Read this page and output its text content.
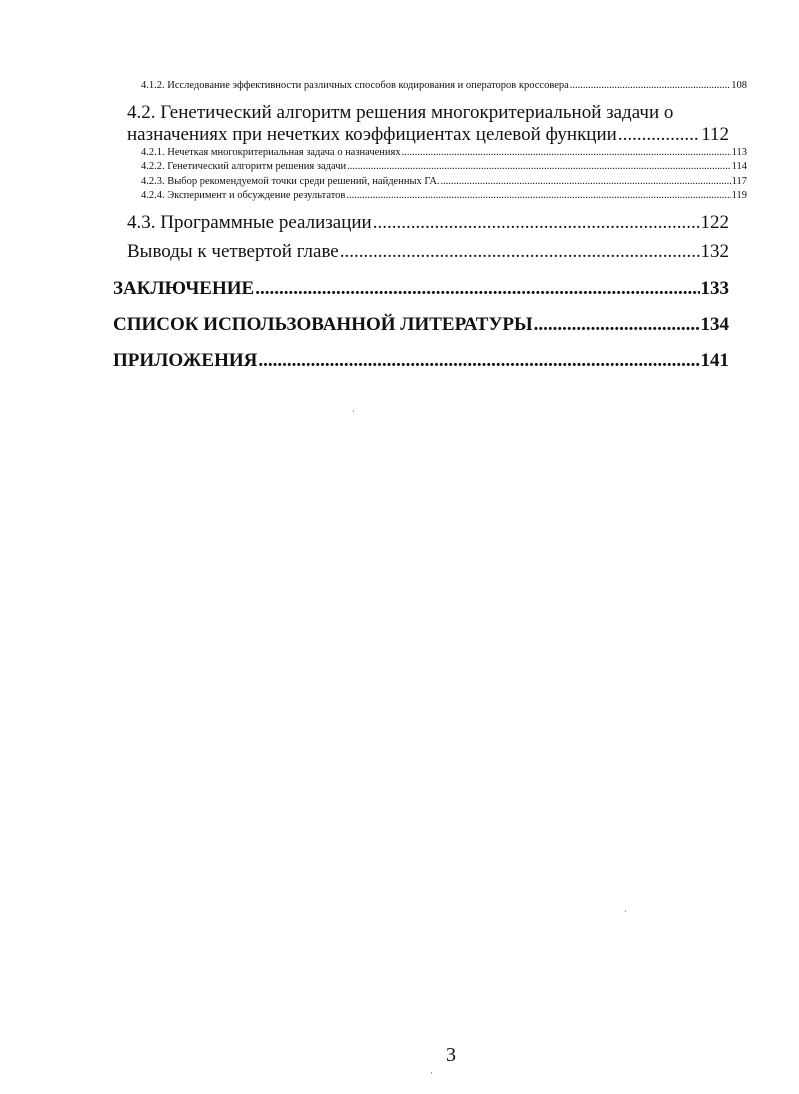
4.1.2. Исследование эффективности различных способов кодирования и операторов кроссовера .....	108
4.2. Генетический алгоритм решения многокритериальной задачи о
назначениях при нечетких коэффициентах целевой функции .....	112
4.2.1. Нечеткая многокритериальная задача о назначениях .....	113
4.2.2. Генетический алгоритм решения задачи .....	114
4.2.3. Выбор рекомендуемой точки среди решений, найденных ГА. .....	117
4.2.4. Эксперимент и обсуждение результатов .....	119
4.3. Программные реализации .....	122
Выводы к четвертой главе .....	132
ЗАКЛЮЧЕНИЕ .....	133
СПИСОК ИСПОЛЬЗОВАННОЙ ЛИТЕРАТУРЫ .....	134
ПРИЛОЖЕНИЯ .....	141
ˏ
ˏ
·
3
